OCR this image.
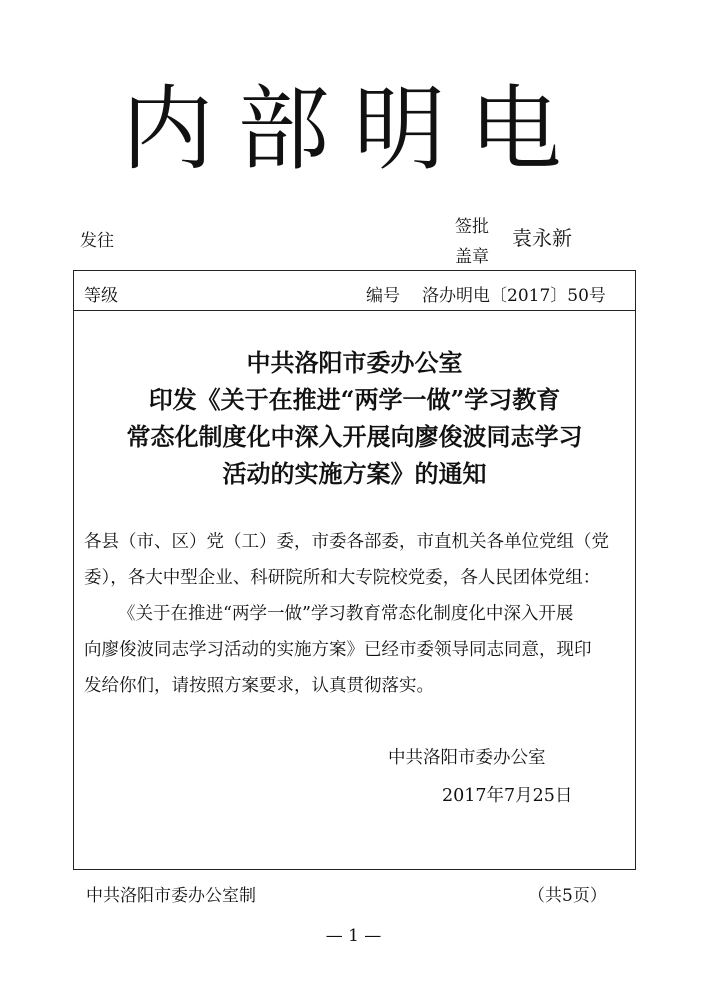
内部明电
发往
签批
盖章
袁永新
等级	编号 洛办明电〔2017〕50号
中共洛阳市委办公室
印发《关于在推进“两学一做”学习教育
常态化制度化中深入开展向廖俊波同志学习
活动的实施方案》的通知
各县（市、区）党（工）委，市委各部委，市直机关各单位党组（党
委），各大中型企业、科研院所和大专院校党委，各人民团体党组：
《关于在推进“两学一做”学习教育常态化制度化中深入开展
向廖俊波同志学习活动的实施方案》已经市委领导同志同意，现印
发给你们，请按照方案要求，认真贯彻落实。
中共洛阳市委办公室
2017年7月25日
中共洛阳市委办公室制	（共5页）
— 1 —
